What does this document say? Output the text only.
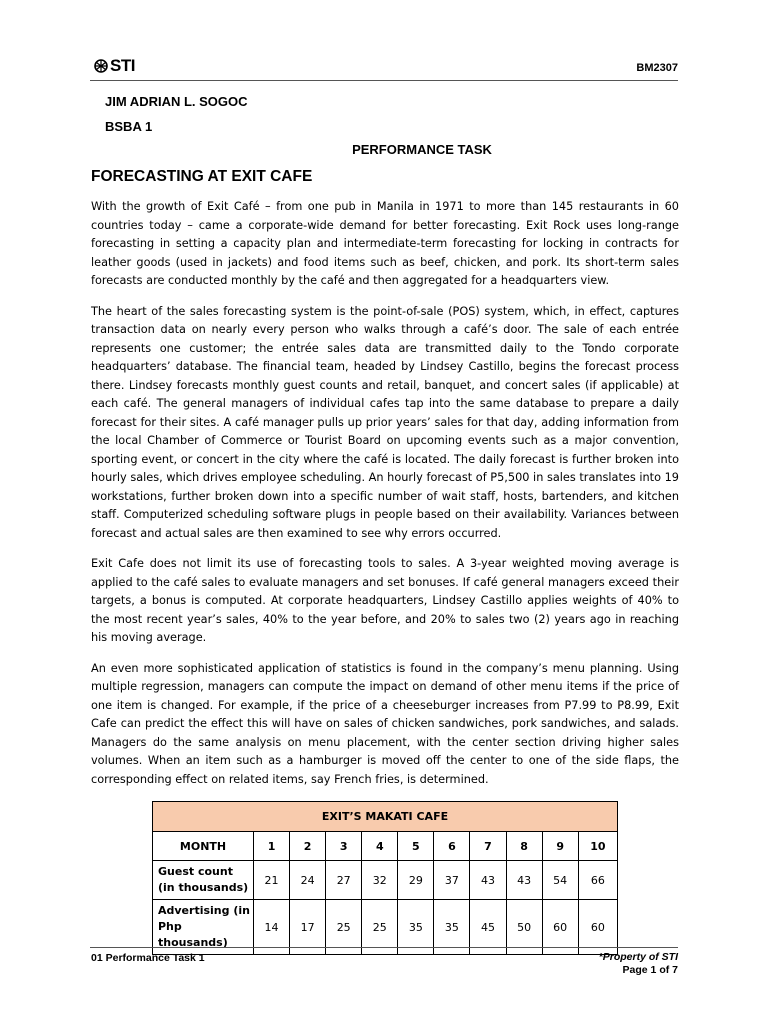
STI	BM2307
JIM ADRIAN L. SOGOC
BSBA 1
PERFORMANCE TASK
FORECASTING AT EXIT CAFE

With the growth of Exit Café – from one pub in Manila in 1971 to more than 145 restaurants in 60 countries today – came a corporate-wide demand for better forecasting. Exit Rock uses long-range forecasting in setting a capacity plan and intermediate-term forecasting for locking in contracts for leather goods (used in jackets) and food items such as beef, chicken, and pork. Its short-term sales forecasts are conducted monthly by the café and then aggregated for a headquarters view.

The heart of the sales forecasting system is the point-of-sale (POS) system, which, in effect, captures transaction data on nearly every person who walks through a café’s door. The sale of each entrée represents one customer; the entrée sales data are transmitted daily to the Tondo corporate headquarters’ database. The financial team, headed by Lindsey Castillo, begins the forecast process there. Lindsey forecasts monthly guest counts and retail, banquet, and concert sales (if applicable) at each café. The general managers of individual cafes tap into the same database to prepare a daily forecast for their sites. A café manager pulls up prior years’ sales for that day, adding information from the local Chamber of Commerce or Tourist Board on upcoming events such as a major convention, sporting event, or concert in the city where the café is located. The daily forecast is further broken into hourly sales, which drives employee scheduling. An hourly forecast of P5,500 in sales translates into 19 workstations, further broken down into a specific number of wait staff, hosts, bartenders, and kitchen staff. Computerized scheduling software plugs in people based on their availability. Variances between forecast and actual sales are then examined to see why errors occurred.

Exit Cafe does not limit its use of forecasting tools to sales. A 3-year weighted moving average is applied to the café sales to evaluate managers and set bonuses. If café general managers exceed their targets, a bonus is computed. At corporate headquarters, Lindsey Castillo applies weights of 40% to the most recent year’s sales, 40% to the year before, and 20% to sales two (2) years ago in reaching his moving average.

An even more sophisticated application of statistics is found in the company’s menu planning. Using multiple regression, managers can compute the impact on demand of other menu items if the price of one item is changed. For example, if the price of a cheeseburger increases from P7.99 to P8.99, Exit Cafe can predict the effect this will have on sales of chicken sandwiches, pork sandwiches, and salads. Managers do the same analysis on menu placement, with the center section driving higher sales volumes. When an item such as a hamburger is moved off the center to one of the side flaps, the corresponding effect on related items, say French fries, is determined.

EXIT’S MAKATI CAFE										
MONTH	1	2	3	4	5	6	7	8	9	10
Guest count (in thousands)	21	24	27	32	29	37	43	43	54	66
Advertising (in Php thousands)	14	17	25	25	35	35	45	50	60	60
01 Performance Task 1	*Property of STI
Page 1 of 7
